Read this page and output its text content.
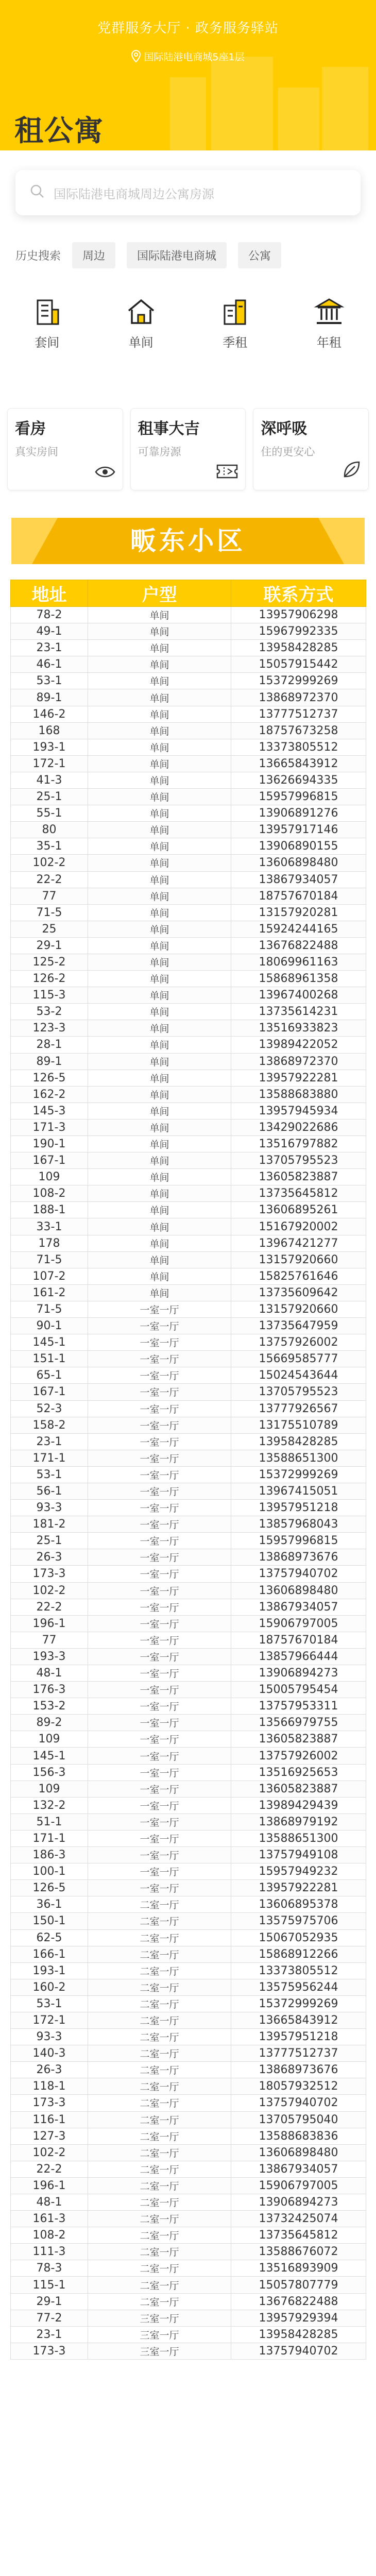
党群服务大厅 · 政务服务驿站
国际陆港电商城5座1层
租公寓
国际陆港电商城周边公寓房源
历史搜索	周边	国际陆港电商城	公寓
套间	单间	季租	年租
看房
真实房间
租事大吉
可靠房源
深呼吸
住的更安心
畈东小区
地址	户型	联系方式
78-2	单间	13957906298
49-1	单间	15967992335
23-1	单间	13958428285
46-1	单间	15057915442
53-1	单间	15372999269
89-1	单间	13868972370
146-2	单间	13777512737
168	单间	18757673258
193-1	单间	13373805512
172-1	单间	13665843912
41-3	单间	13626694335
25-1	单间	15957996815
55-1	单间	13906891276
80	单间	13957917146
35-1	单间	13906890155
102-2	单间	13606898480
22-2	单间	13867934057
77	单间	18757670184
71-5	单间	13157920281
25	单间	15924244165
29-1	单间	13676822488
125-2	单间	18069961163
126-2	单间	15868961358
115-3	单间	13967400268
53-2	单间	13735614231
123-3	单间	13516933823
28-1	单间	13989422052
89-1	单间	13868972370
126-5	单间	13957922281
162-2	单间	13588683880
145-3	单间	13957945934
171-3	单间	13429022686
190-1	单间	13516797882
167-1	单间	13705795523
109	单间	13605823887
108-2	单间	13735645812
188-1	单间	13606895261
33-1	单间	15167920002
178	单间	13967421277
71-5	单间	13157920660
107-2	单间	15825761646
161-2	单间	13735609642
71-5	一室一厅	13157920660
90-1	一室一厅	13735647959
145-1	一室一厅	13757926002
151-1	一室一厅	15669585777
65-1	一室一厅	15024543644
167-1	一室一厅	13705795523
52-3	一室一厅	13777926567
158-2	一室一厅	13175510789
23-1	一室一厅	13958428285
171-1	一室一厅	13588651300
53-1	一室一厅	15372999269
56-1	一室一厅	13967415051
93-3	一室一厅	13957951218
181-2	一室一厅	13857968043
25-1	一室一厅	15957996815
26-3	一室一厅	13868973676
173-3	一室一厅	13757940702
102-2	一室一厅	13606898480
22-2	一室一厅	13867934057
196-1	一室一厅	15906797005
77	一室一厅	18757670184
193-3	一室一厅	13857966444
48-1	一室一厅	13906894273
176-3	一室一厅	15005795454
153-2	一室一厅	13757953311
89-2	一室一厅	13566979755
109	一室一厅	13605823887
145-1	一室一厅	13757926002
156-3	一室一厅	13516925653
109	一室一厅	13605823887
132-2	一室一厅	13989429439
51-1	一室一厅	13868979192
171-1	一室一厅	13588651300
186-3	一室一厅	13757949108
100-1	一室一厅	15957949232
126-5	一室一厅	13957922281
36-1	二室一厅	13606895378
150-1	二室一厅	13575975706
62-5	二室一厅	15067052935
166-1	二室一厅	15868912266
193-1	二室一厅	13373805512
160-2	二室一厅	13575956244
53-1	二室一厅	15372999269
172-1	二室一厅	13665843912
93-3	二室一厅	13957951218
140-3	二室一厅	13777512737
26-3	二室一厅	13868973676
118-1	二室一厅	18057932512
173-3	二室一厅	13757940702
116-1	二室一厅	13705795040
127-3	二室一厅	13588683836
102-2	二室一厅	13606898480
22-2	二室一厅	13867934057
196-1	二室一厅	15906797005
48-1	二室一厅	13906894273
161-3	二室一厅	13732425074
108-2	二室一厅	13735645812
111-3	二室一厅	13588676072
78-3	二室一厅	13516893909
115-1	二室一厅	15057807779
29-1	二室一厅	13676822488
77-2	三室一厅	13957929394
23-1	三室一厅	13958428285
173-3	三室一厅	13757940702
